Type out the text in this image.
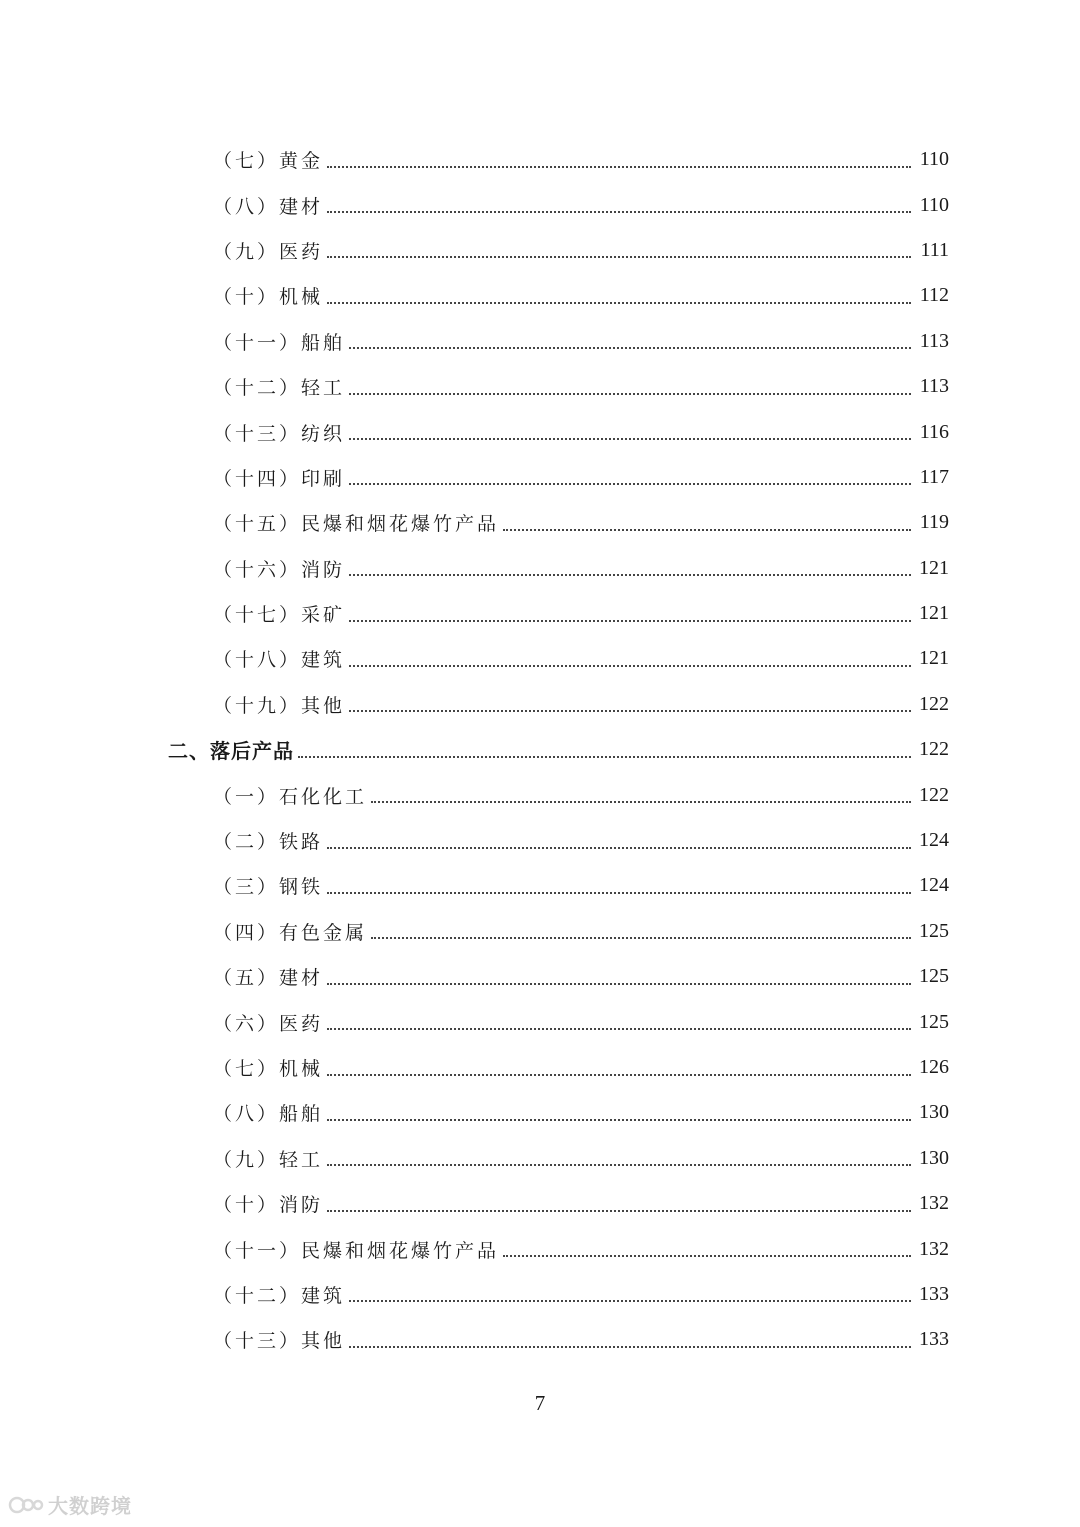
（七）黄金	110
（八）建材	110
（九）医药	111
（十）机械	112
（十一）船舶	113
（十二）轻工	113
（十三）纺织	116
（十四）印刷	117
（十五）民爆和烟花爆竹产品	119
（十六）消防	121
（十七）采矿	121
（十八）建筑	121
（十九）其他	122
二、落后产品	122
（一）石化化工	122
（二）铁路	124
（三）钢铁	124
（四）有色金属	125
（五）建材	125
（六）医药	125
（七）机械	126
（八）船舶	130
（九）轻工	130
（十）消防	132
（十一）民爆和烟花爆竹产品	132
（十二）建筑	133
（十三）其他	133
7
大数跨境
